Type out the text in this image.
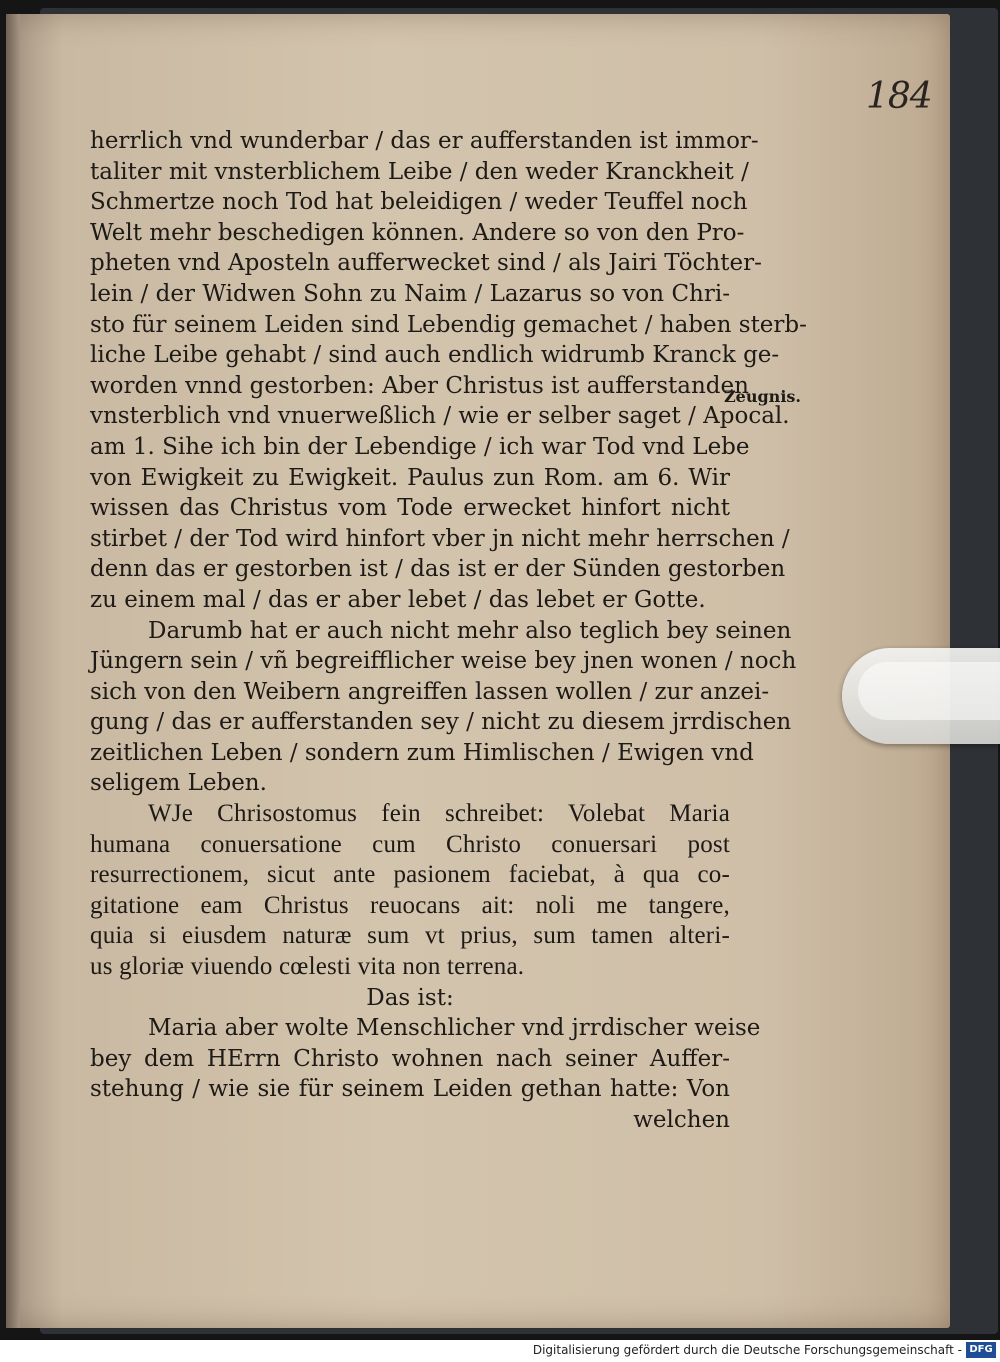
184
Zeugnis.
herrlich vnd wunderbar / das er aufferstanden ist immor-
taliter mit vnsterblichem Leibe / den weder Kranckheit /
Schmertze noch Tod hat beleidigen / weder Teuffel noch
Welt mehr beschedigen können. Andere so von den Pro-
pheten vnd Aposteln aufferwecket sind / als Jairi Töchter-
lein / der Widwen Sohn zu Naim / Lazarus so von Chri-
sto für seinem Leiden sind Lebendig gemachet / haben sterb-
liche Leibe gehabt / sind auch endlich widrumb Kranck ge-
worden vnnd gestorben: Aber Christus ist aufferstanden
vnsterblich vnd vnuerweßlich / wie er selber saget / Apocal.
am 1. Sihe ich bin der Lebendige / ich war Tod vnd Lebe
von Ewigkeit zu Ewigkeit. Paulus zun Rom. am 6. Wir
wissen das Christus vom Tode erwecket hinfort nicht
stirbet / der Tod wird hinfort vber jn nicht mehr herrschen /
denn das er gestorben ist / das ist er der Sünden gestorben
zu einem mal / das er aber lebet / das lebet er Gotte.
Darumb hat er auch nicht mehr also teglich bey seinen
Jüngern sein / vñ begreifflicher weise bey jnen wonen / noch
sich von den Weibern angreiffen lassen wollen / zur anzei-
gung / das er aufferstanden sey / nicht zu diesem jrrdischen
zeitlichen Leben / sondern zum Himlischen / Ewigen vnd
seligem Leben.
WJe Chrisostomus fein schreibet: Volebat Maria
humana conuersatione cum Christo conuersari post
resurrectionem, sicut ante pasionem faciebat, à qua co-
gitatione eam Christus reuocans ait: noli me tangere,
quia si eiusdem naturæ sum vt prius, sum tamen alteri-
us gloriæ viuendo cœlesti vita non terrena.
Das ist:
Maria aber wolte Menschlicher vnd jrrdischer weise
bey dem HErrn Christo wohnen nach seiner Auffer-
stehung / wie sie für seinem Leiden gethan hatte: Von
welchen
Digitalisierung gefördert durch die Deutsche Forschungsgemeinschaft - DFG
